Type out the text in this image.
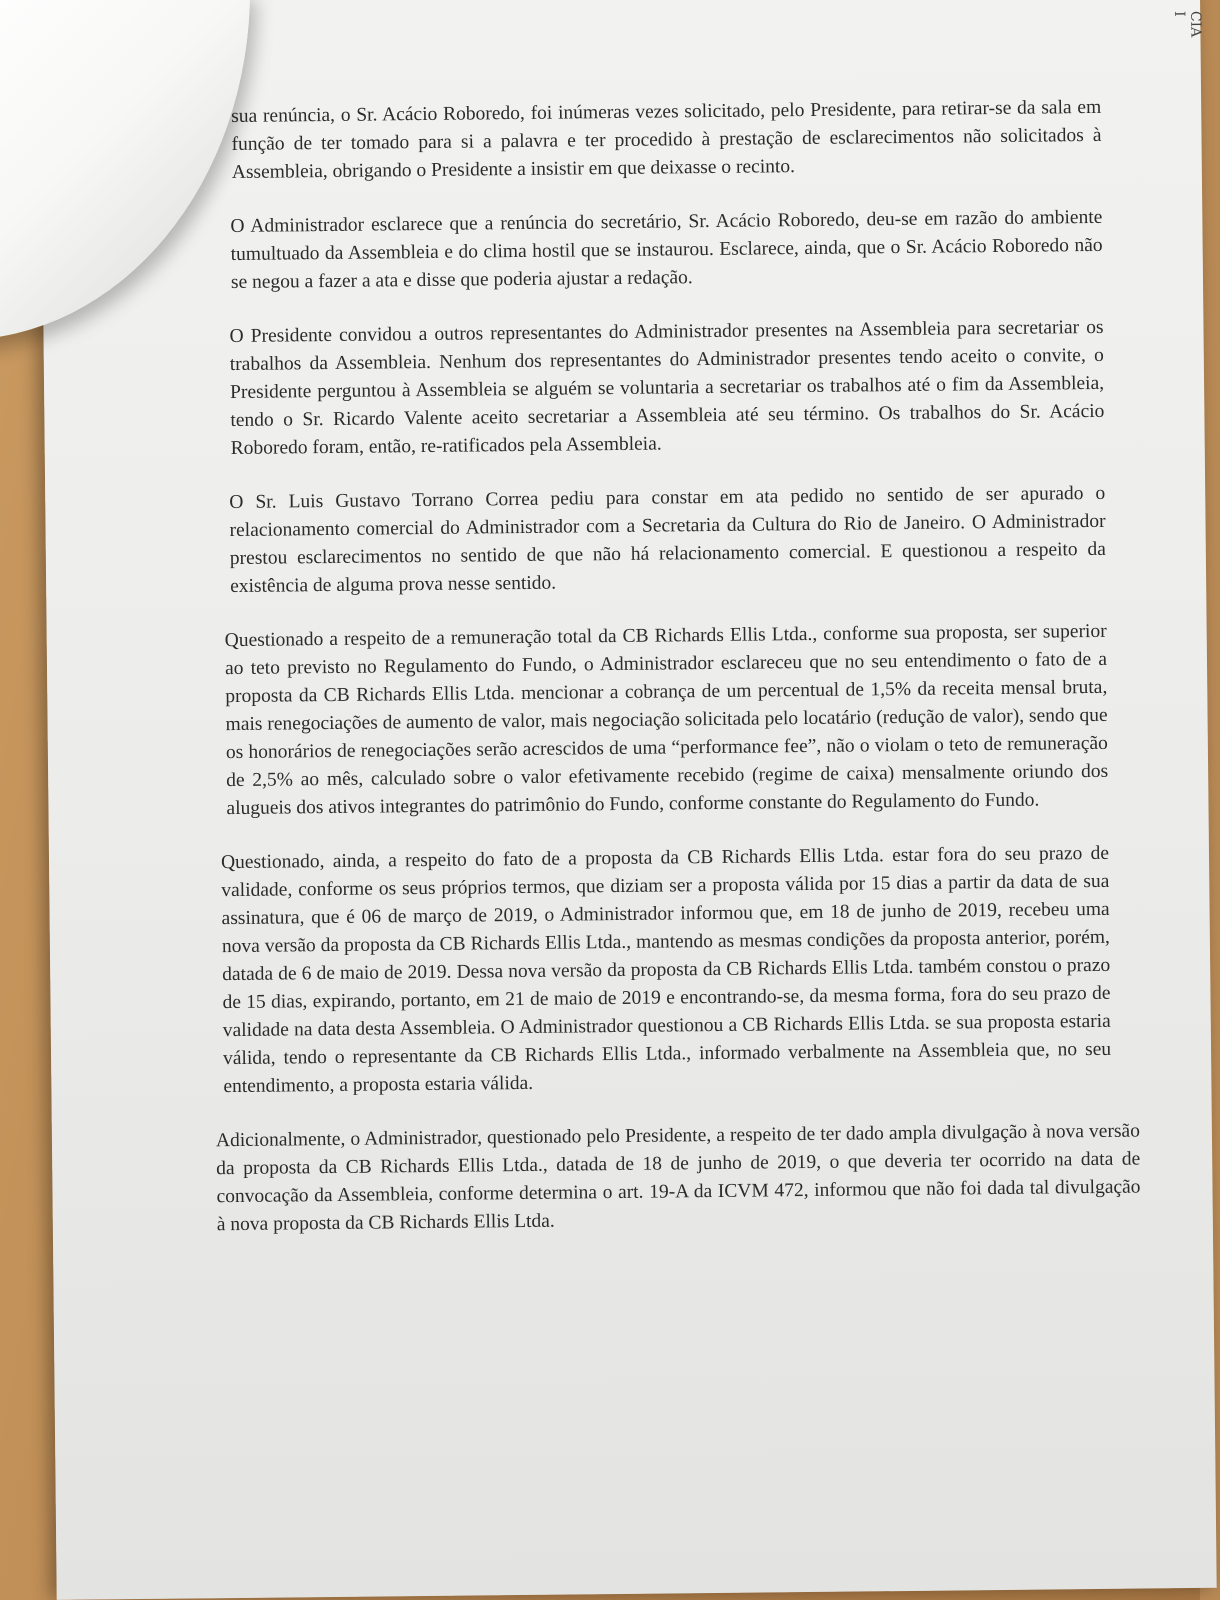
CIA I

sua renúncia, o Sr. Acácio Roboredo, foi inúmeras vezes solicitado, pelo Presidente, para retirar-se da sala em função de ter tomado para si a palavra e ter procedido à prestação de esclarecimentos não solicitados à Assembleia, obrigando o Presidente a insistir em que deixasse o recinto.

O Administrador esclarece que a renúncia do secretário, Sr. Acácio Roboredo, deu-se em razão do ambiente tumultuado da Assembleia e do clima hostil que se instaurou. Esclarece, ainda, que o Sr. Acácio Roboredo não se negou a fazer a ata e disse que poderia ajustar a redação.

O Presidente convidou a outros representantes do Administrador presentes na Assembleia para secretariar os trabalhos da Assembleia. Nenhum dos representantes do Administrador presentes tendo aceito o convite, o Presidente perguntou à Assembleia se alguém se voluntaria a secretariar os trabalhos até o fim da Assembleia, tendo o Sr. Ricardo Valente aceito secretariar a Assembleia até seu término. Os trabalhos do Sr. Acácio Roboredo foram, então, re-ratificados pela Assembleia.

O Sr. Luis Gustavo Torrano Correa pediu para constar em ata pedido no sentido de ser apurado o relacionamento comercial do Administrador com a Secretaria da Cultura do Rio de Janeiro. O Administrador prestou esclarecimentos no sentido de que não há relacionamento comercial. E questionou a respeito da existência de alguma prova nesse sentido.

Questionado a respeito de a remuneração total da CB Richards Ellis Ltda., conforme sua proposta, ser superior ao teto previsto no Regulamento do Fundo, o Administrador esclareceu que no seu entendimento o fato de a proposta da CB Richards Ellis Ltda. mencionar a cobrança de um percentual de 1,5% da receita mensal bruta, mais renegociações de aumento de valor, mais negociação solicitada pelo locatário (redução de valor), sendo que os honorários de renegociações serão acrescidos de uma “performance fee”, não o violam o teto de remuneração de 2,5% ao mês, calculado sobre o valor efetivamente recebido (regime de caixa) mensalmente oriundo dos alugueis dos ativos integrantes do patrimônio do Fundo, conforme constante do Regulamento do Fundo.

Questionado, ainda, a respeito do fato de a proposta da CB Richards Ellis Ltda. estar fora do seu prazo de validade, conforme os seus próprios termos, que diziam ser a proposta válida por 15 dias a partir da data de sua assinatura, que é 06 de março de 2019, o Administrador informou que, em 18 de junho de 2019, recebeu uma nova versão da proposta da CB Richards Ellis Ltda., mantendo as mesmas condições da proposta anterior, porém, datada de 6 de maio de 2019. Dessa nova versão da proposta da CB Richards Ellis Ltda. também constou o prazo de 15 dias, expirando, portanto, em 21 de maio de 2019 e encontrando-se, da mesma forma, fora do seu prazo de validade na data desta Assembleia. O Administrador questionou a CB Richards Ellis Ltda. se sua proposta estaria válida, tendo o representante da CB Richards Ellis Ltda., informado verbalmente na Assembleia que, no seu entendimento, a proposta estaria válida.

Adicionalmente, o Administrador, questionado pelo Presidente, a respeito de ter dado ampla divulgação à nova versão da proposta da CB Richards Ellis Ltda., datada de 18 de junho de 2019, o que deveria ter ocorrido na data de convocação da Assembleia, conforme determina o art. 19-A da ICVM 472, informou que não foi dada tal divulgação à nova proposta da CB Richards Ellis Ltda.
